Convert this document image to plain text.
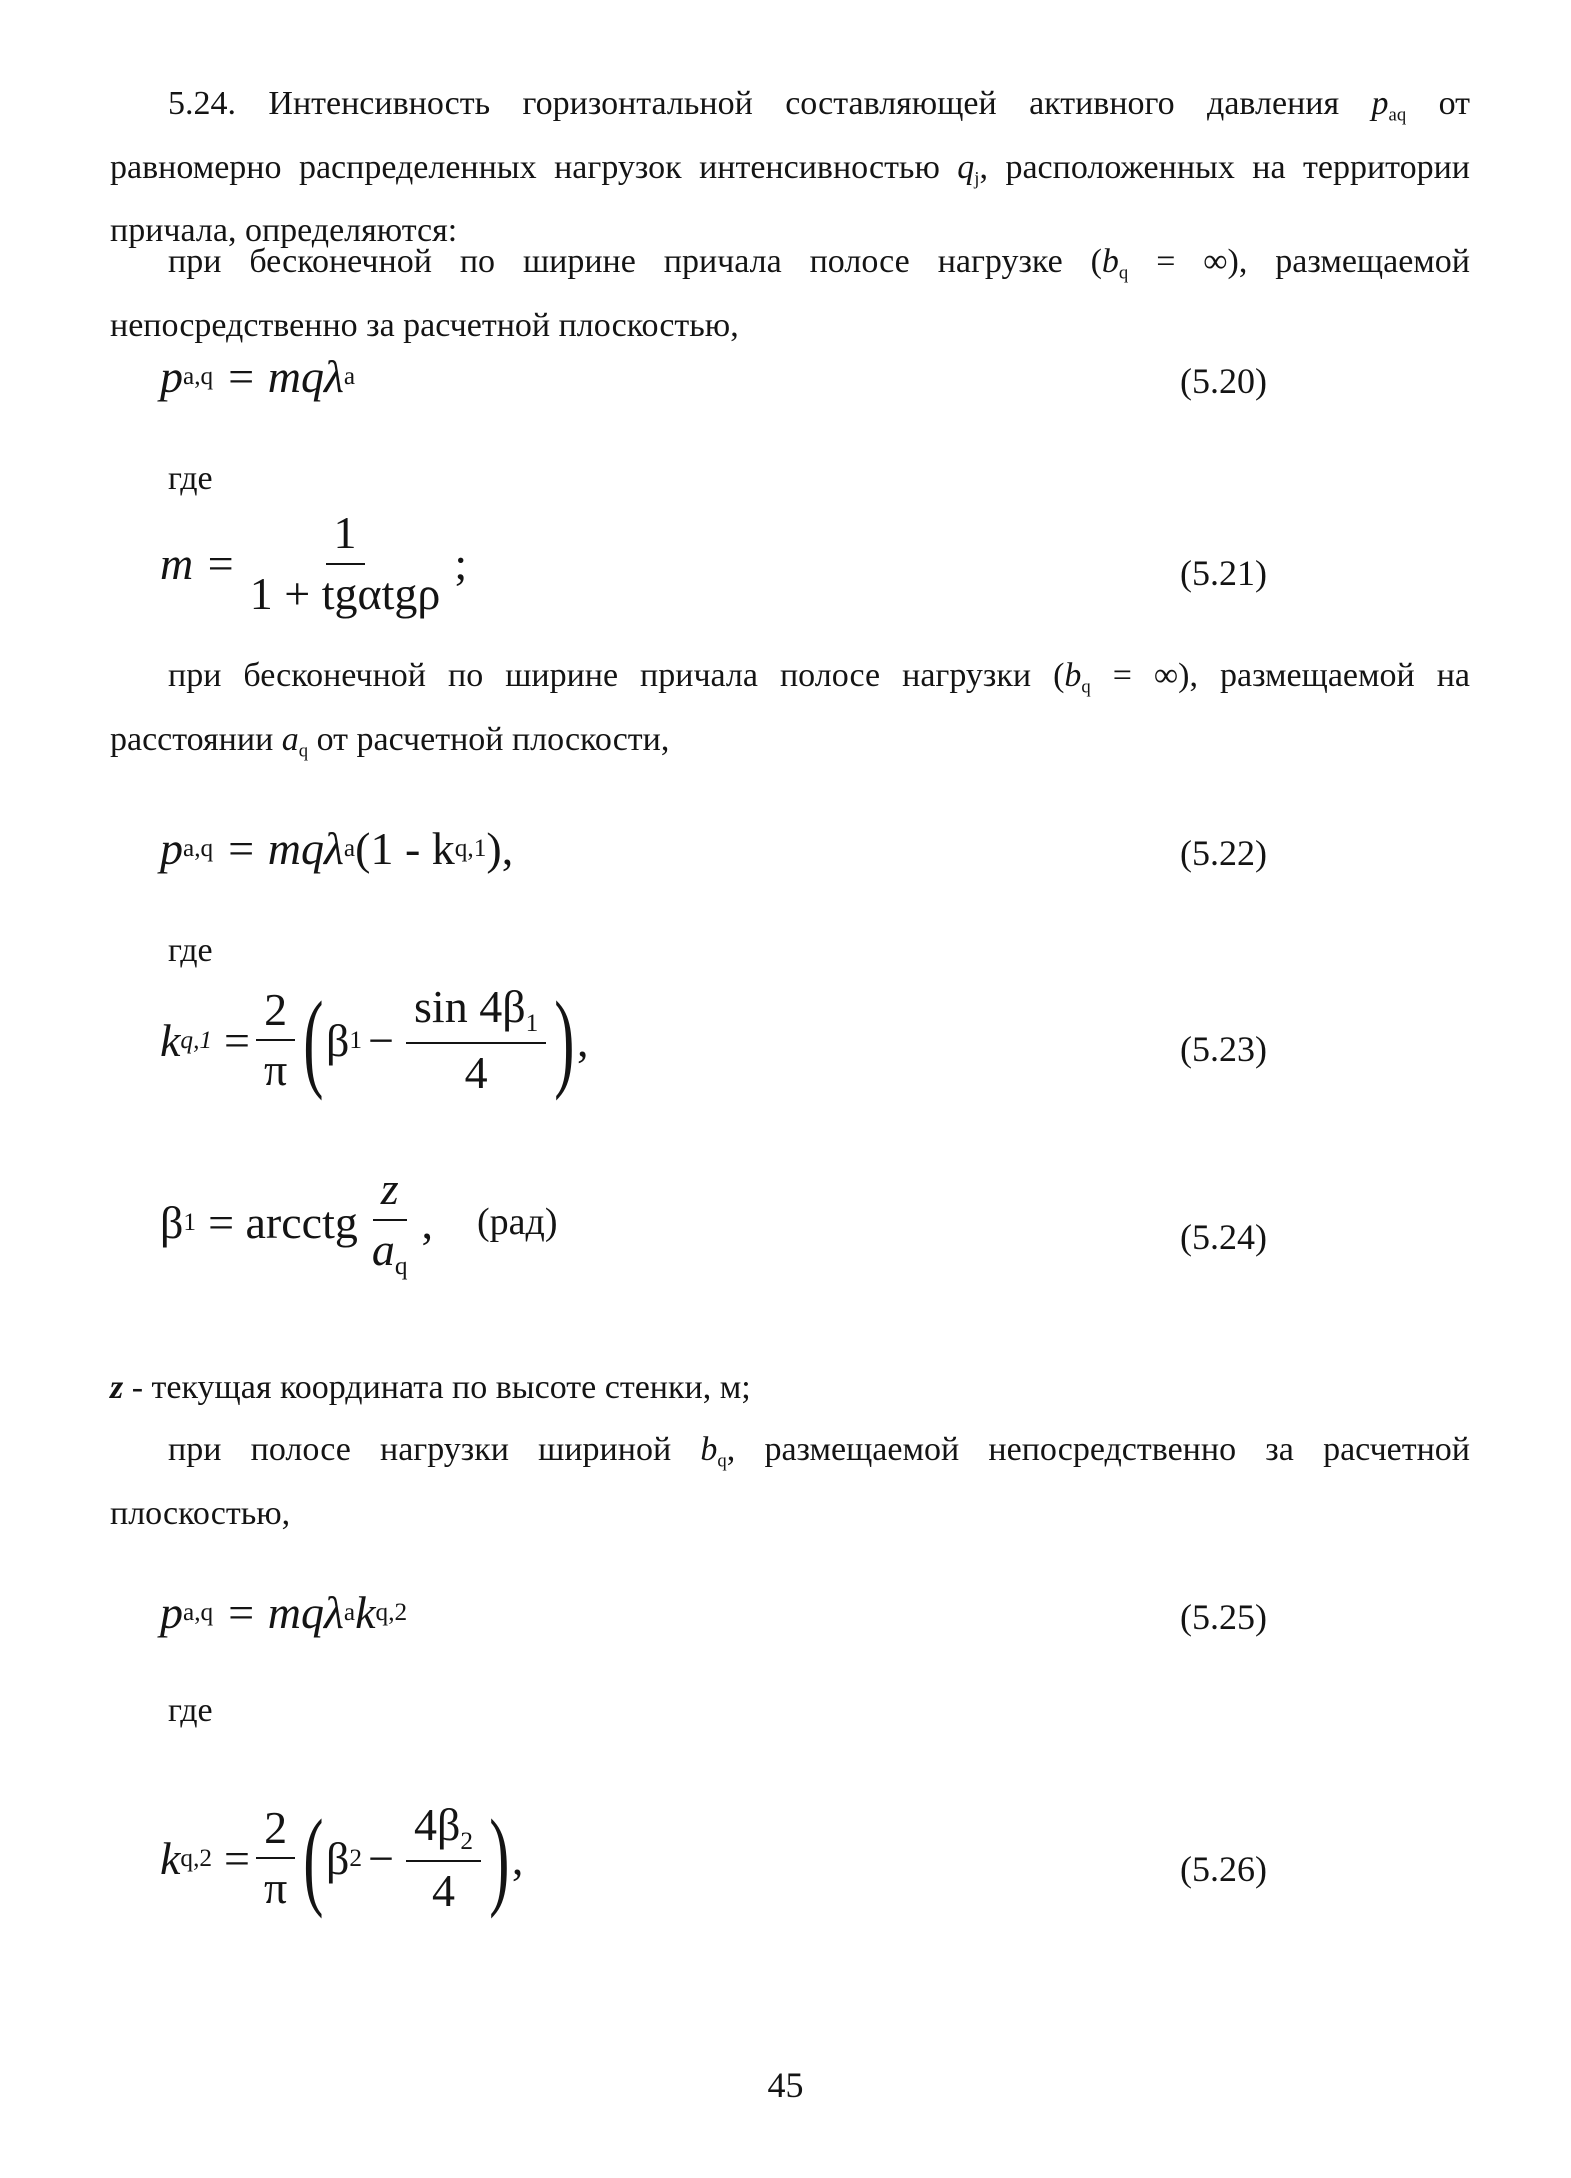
5.24. Интенсивность горизонтальной составляющей активного давления $p_{aq}$ от равномерно распределенных нагрузок интенсивностью $q_j$, расположенных на территории причала, определяются:

при бесконечной по ширине причала полосе нагрузке ($b_q$ = ∞), размещаемой непосредственно за расчетной плоскостью,

p a,q = mqλ a	(5.20)

где

$m = \frac{1}{\text{1 + tgαtgρ}}$ ;	(5.21)

при бесконечной по ширине причала полосе нагрузки ($b_q$ = ∞), размещаемой на расстоянии $a_q$ от расчетной плоскости,

p a,q = mqλ a (1 - k q,1 ),	(5.22)

где

k $q,1 = \frac{2}{\pi}$ ( β $1 - \frac{\sin 4\beta_1}{4}$ ) ,	(5.23)
β 1 = arcctg $\frac{z}{a_q}$ , (рад)	(5.24)

z - текущая координата по высоте стенки, м;

при полосе нагрузки шириной $b_q$, размещаемой непосредственно за расчетной плоскостью,

p a,q = mqλ a k q,2	(5.25)

где

k $q,2 = \frac{2}{\pi}$ ( β $2 - \frac{4\beta_2}{4}$ ) ,	(5.26)
45
